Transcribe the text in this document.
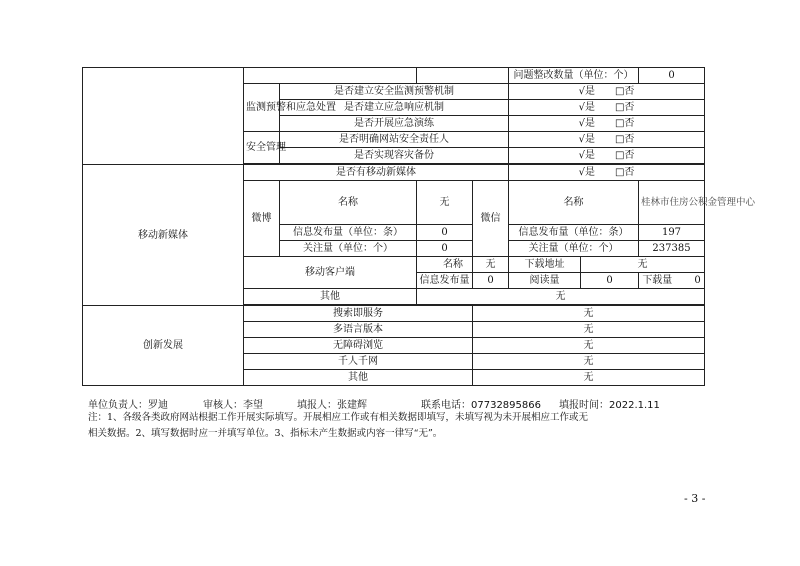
					问题整改数量（单位：个）		0
	监测预警和应急处置	是否建立安全监测预警机制			√是　　□否		
		是否建立应急响应机制			√是　　□否		
		是否开展应急演练			√是　　□否		
	安全管理	是否明确网站安全责任人			√是　　□否		
		是否实现容灾备份			√是　　□否		

移动新媒体	是否有移动新媒体				√是　　□否		
	微博	名称	无	微信	名称		桂林市住房公积金管理中心
		信息发布量（单位：条）	0		信息发布量（单位：条）		197
		关注量（单位：个）	0		关注量（单位：个）		237385
	移动客户端		名称	无	下载地址	无	
			信息发布量	0	阅读量	0	下载量 0
	其他		无				

创新发展	搜索即服务			无			
	多语言版本			无			
	无障碍浏览			无			
	千人千网			无			
	其他			无			
单位负责人：罗迪	审核人：李望	填报人：张建辉	联系电话：07732895866 填报时间：2022.1.11
注：1、各级各类政府网站根据工作开展实际填写。开展相应工作或有相关数据即填写，未填写视为未开展相应工作或无
相关数据。2、填写数据时应一并填写单位。3、指标未产生数据或内容一律写“无”。
- 3 -
